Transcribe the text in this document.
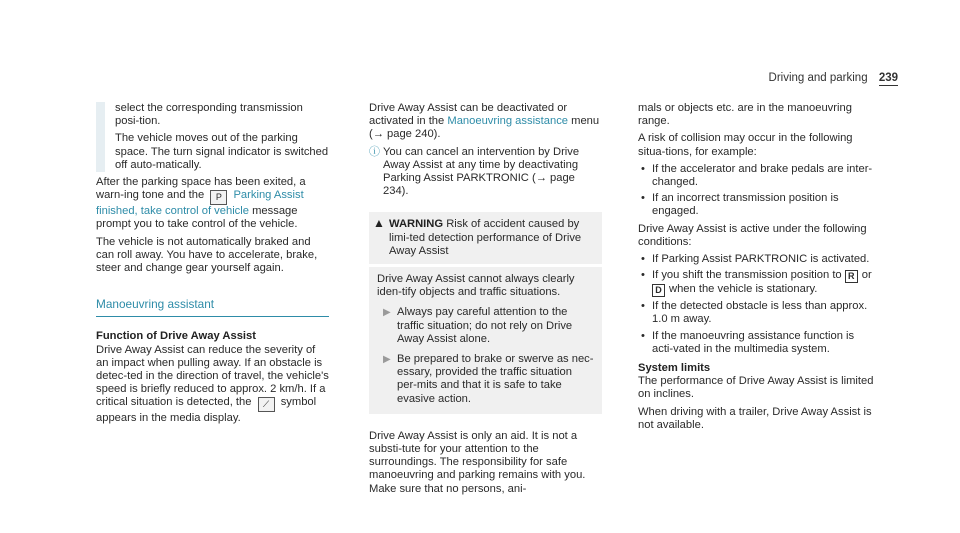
Driving and parking 239

select the corresponding transmission posi-tion.

The vehicle moves out of the parking space. The turn signal indicator is switched off auto-matically.

After the parking space has been exited, a warn-ing tone and the P Parking Assist finished, take control of vehicle message prompt you to take control of the vehicle.

The vehicle is not automatically braked and can roll away. You have to accelerate, brake, steer and change gear yourself again.

Manoeuvring assistant
Function of Drive Away Assist

Drive Away Assist can reduce the severity of an impact when pulling away. If an obstacle is detec-ted in the direction of travel, the vehicle's speed is briefly reduced to approx. 2 km/h. If a critical situation is detected, the ⟋ symbol appears in the media display.

Drive Away Assist can be deactivated or activated in the Manoeuvring assistance menu (→ page 240).

ⓘ You can cancel an intervention by Drive Away Assist at any time by deactivating Parking Assist PARKTRONIC (→ page 234).
▲ WARNING Risk of accident caused by limi-ted detection performance of Drive Away Assist
Drive Away Assist cannot always clearly iden-tify objects and traffic situations.
▶ Always pay careful attention to the traffic situation; do not rely on Drive Away Assist alone.
▶ Be prepared to brake or swerve as nec-essary, provided the traffic situation per-mits and that it is safe to take evasive action.

Drive Away Assist is only an aid. It is not a substi-tute for your attention to the surroundings. The responsibility for safe manoeuvring and parking remains with you. Make sure that no persons, ani-

mals or objects etc. are in the manoeuvring range.

A risk of collision may occur in the following situa-tions, for example:

• If the accelerator and brake pedals are inter-changed.
• If an incorrect transmission position is engaged.

Drive Away Assist is active under the following conditions:

• If Parking Assist PARKTRONIC is activated.
• If you shift the transmission position to R or
D when the vehicle is stationary.
• If the detected obstacle is less than approx. 1.0 m away.
• If the manoeuvring assistance function is acti-vated in the multimedia system.
System limits

The performance of Drive Away Assist is limited on inclines.

When driving with a trailer, Drive Away Assist is not available.
